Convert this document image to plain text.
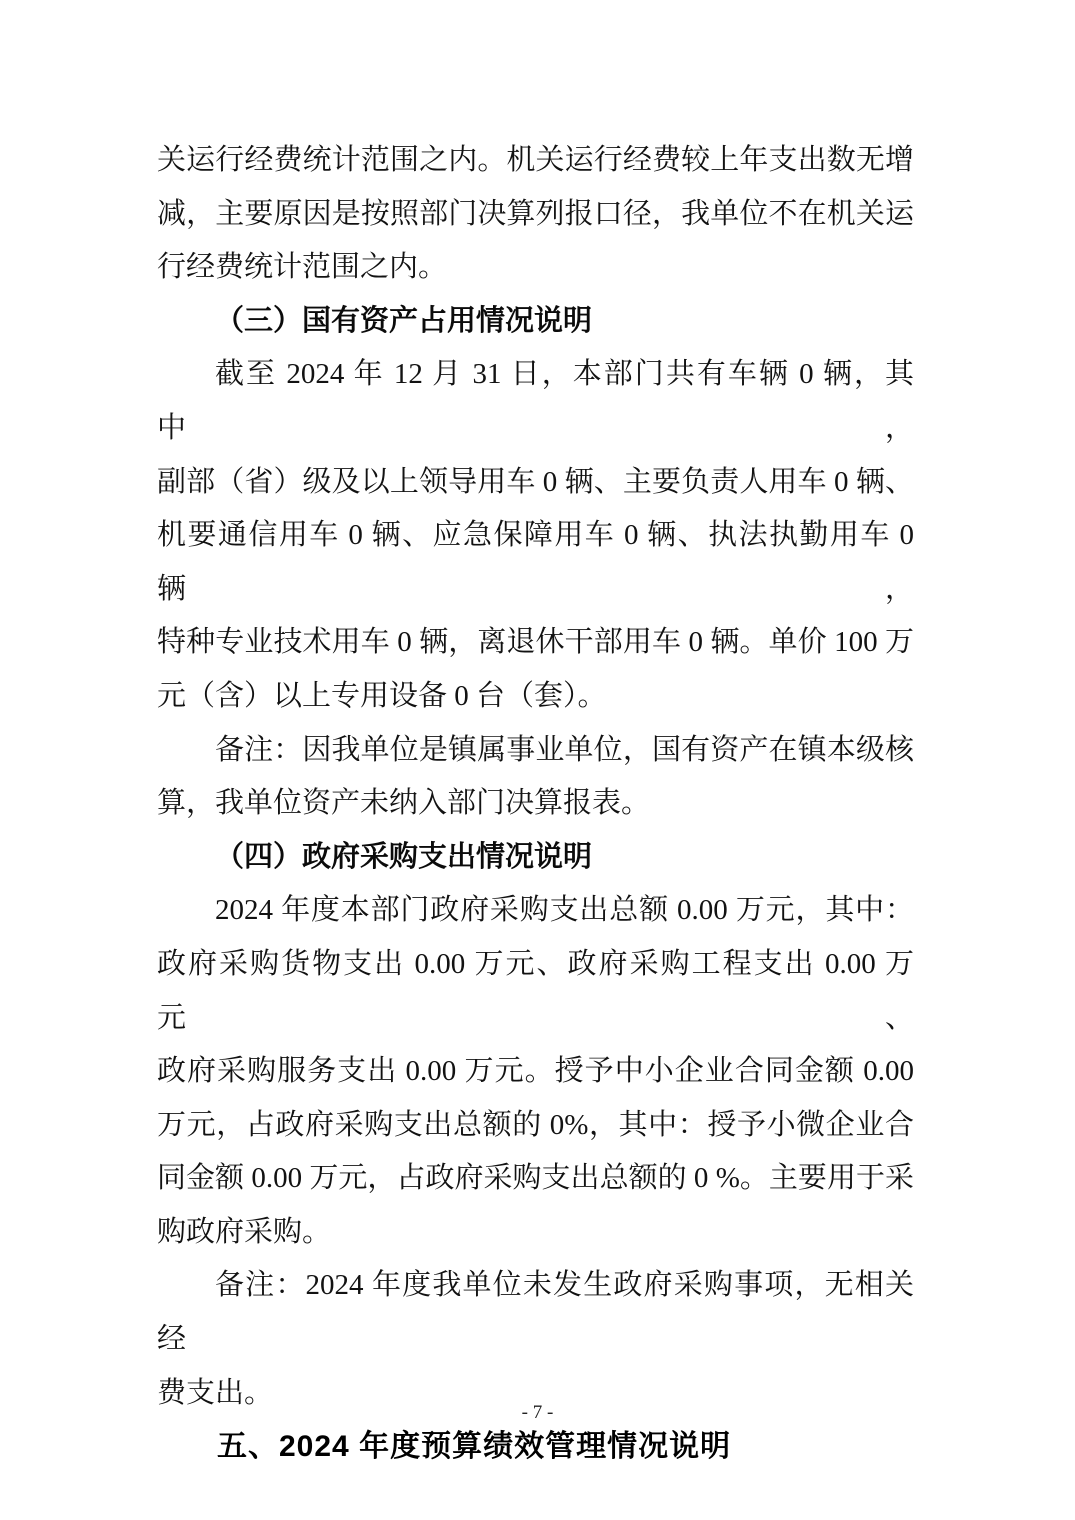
关运行经费统计范围之内。机关运行经费较上年支出数无增
减，主要原因是按照部门决算列报口径，我单位不在机关运
行经费统计范围之内。
（三）国有资产占用情况说明
截至 2024 年 12 月 31 日，本部门共有车辆 0 辆，其中，
副部（省）级及以上领导用车 0 辆、主要负责人用车 0 辆、
机要通信用车 0 辆、应急保障用车 0 辆、执法执勤用车 0 辆，
特种专业技术用车 0 辆，离退休干部用车 0 辆。单价 100 万
元（含）以上专用设备 0 台（套）。
备注：因我单位是镇属事业单位，国有资产在镇本级核
算，我单位资产未纳入部门决算报表。
（四）政府采购支出情况说明
2024 年度本部门政府采购支出总额 0.00 万元，其中：
政府采购货物支出 0.00 万元、政府采购工程支出 0.00 万元、
政府采购服务支出 0.00 万元。授予中小企业合同金额 0.00
万元，占政府采购支出总额的 0%，其中：授予小微企业合
同金额 0.00 万元，占政府采购支出总额的 0 %。主要用于采
购政府采购。
备注：2024 年度我单位未发生政府采购事项，无相关经
费支出。
五、2024 年度预算绩效管理情况说明
- 7 -
